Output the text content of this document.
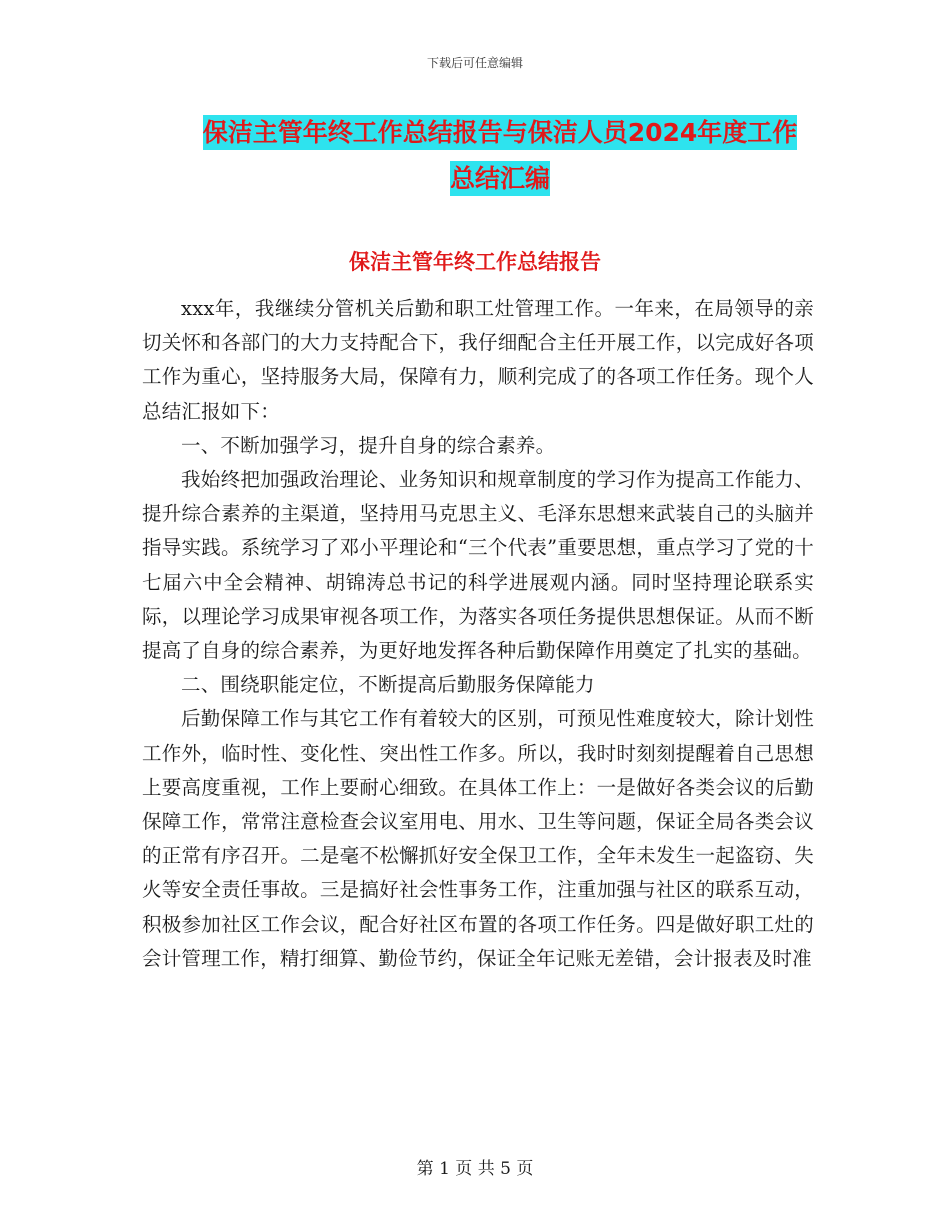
下载后可任意编辑
保洁主管年终工作总结报告与保洁人员2024年度工作
总结汇编
保洁主管年终工作总结报告

xxx年，我继续分管机关后勤和职工灶管理工作。一年来，在局领导的亲切关怀和各部门的大力支持配合下，我仔细配合主任开展工作，以完成好各项工作为重心，坚持服务大局，保障有力，顺利完成了的各项工作任务。现个人总结汇报如下：

一、不断加强学习，提升自身的综合素养。

我始终把加强政治理论、业务知识和规章制度的学习作为提高工作能力、提升综合素养的主渠道，坚持用马克思主义、毛泽东思想来武装自己的头脑并指导实践。系统学习了邓小平理论和“三个代表”重要思想，重点学习了党的十七届六中全会精神、胡锦涛总书记的科学进展观内涵。同时坚持理论联系实际，以理论学习成果审视各项工作，为落实各项任务提供思想保证。从而不断提高了自身的综合素养，为更好地发挥各种后勤保障作用奠定了扎实的基础。

二、围绕职能定位，不断提高后勤服务保障能力

后勤保障工作与其它工作有着较大的区别，可预见性难度较大，除计划性工作外，临时性、变化性、突出性工作多。所以，我时时刻刻提醒着自己思想上要高度重视，工作上要耐心细致。在具体工作上：一是做好各类会议的后勤保障工作，常常注意检查会议室用电、用水、卫生等问题，保证全局各类会议的正常有序召开。二是毫不松懈抓好安全保卫工作，全年未发生一起盗窃、失火等安全责任事故。三是搞好社会性事务工作，注重加强与社区的联系互动，积极参加社区工作会议，配合好社区布置的各项工作任务。四是做好职工灶的会计管理工作，精打细算、勤俭节约，保证全年记账无差错，会计报表及时准

第 1 页 共 5 页
